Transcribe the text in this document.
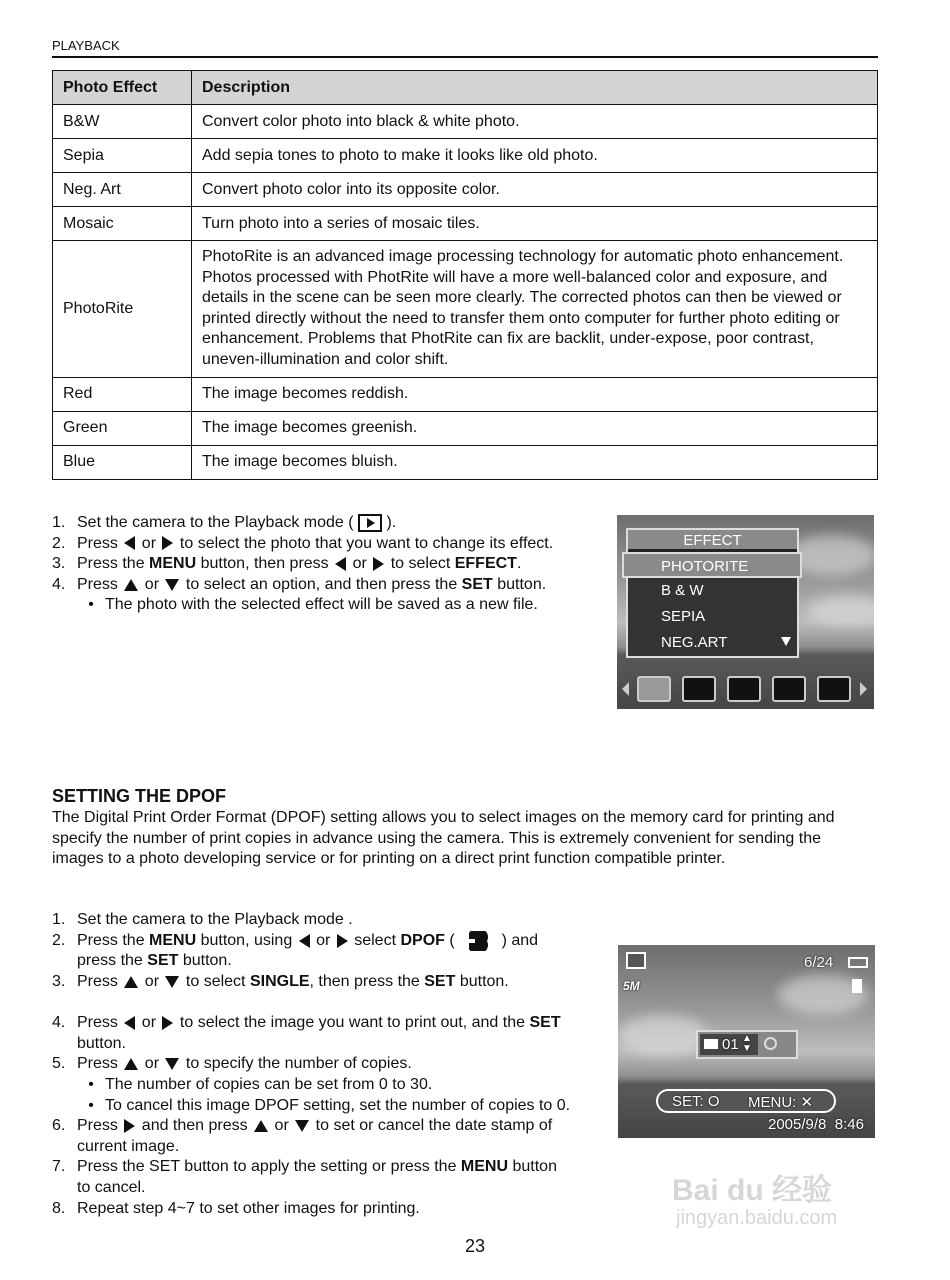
PLAYBACK
Photo Effect	Description
B&W	Convert color photo into black & white photo.
Sepia	Add sepia tones to photo to make it looks like old photo.
Neg. Art	Convert photo color into its opposite color.
Mosaic	Turn photo into a series of mosaic tiles.
PhotoRite	PhotoRite is an advanced image processing technology for automatic photo enhancement. Photos processed with PhotRite will have a more well-balanced color and exposure, and details in the scene can be seen more clearly. The corrected photos can then be viewed or printed directly without the need to transfer them onto computer for further photo editing or enhancement. Problems that PhotRite can fix are backlit, under-expose, poor contrast, uneven-illumination and color shift.
Red	The image becomes reddish.
Green	The image becomes greenish.
Blue	The image becomes bluish.
1. Set the camera to the Playback mode (  ).
2. Press  or  to select the photo that you want to change its effect.
3. Press the MENU button, then press  or  to select EFFECT.
4. Press  or  to select an option, and then press the SET button.
• The photo with the selected effect will be saved as a new file.
EFFECT
PHOTORITE
B & W
SEPIA
NEG.ART
SETTING THE DPOF
The Digital Print Order Format (DPOF) setting allows you to select images on the memory card for printing and specify the number of print copies in advance using the camera. This is extremely convenient for sending the images to a photo developing service or for printing on a direct print function compatible printer.
1. Set the camera to the Playback mode .
2. Press the MENU button, using  or  select DPOF (  ) and press the SET button.
3. Press  or  to select SINGLE, then press the SET button.
4. Press  or  to select the image you want to print out, and the SET button.
5. Press  or  to specify the number of copies.
• The number of copies can be set from 0 to 30.
• To cancel this image DPOF setting, set the number of copies to 0.
6. Press  and then press  or  to set or cancel the date stamp of current image.
7. Press the SET button to apply the setting or press the MENU button to cancel.
8. Repeat step 4~7 to set other images for printing.
6/24
5M
01 ▲
▼
SET: O MENU: ✕
2005/9/8  8:46
Bai du 经验
jingyan.baidu.com
23
